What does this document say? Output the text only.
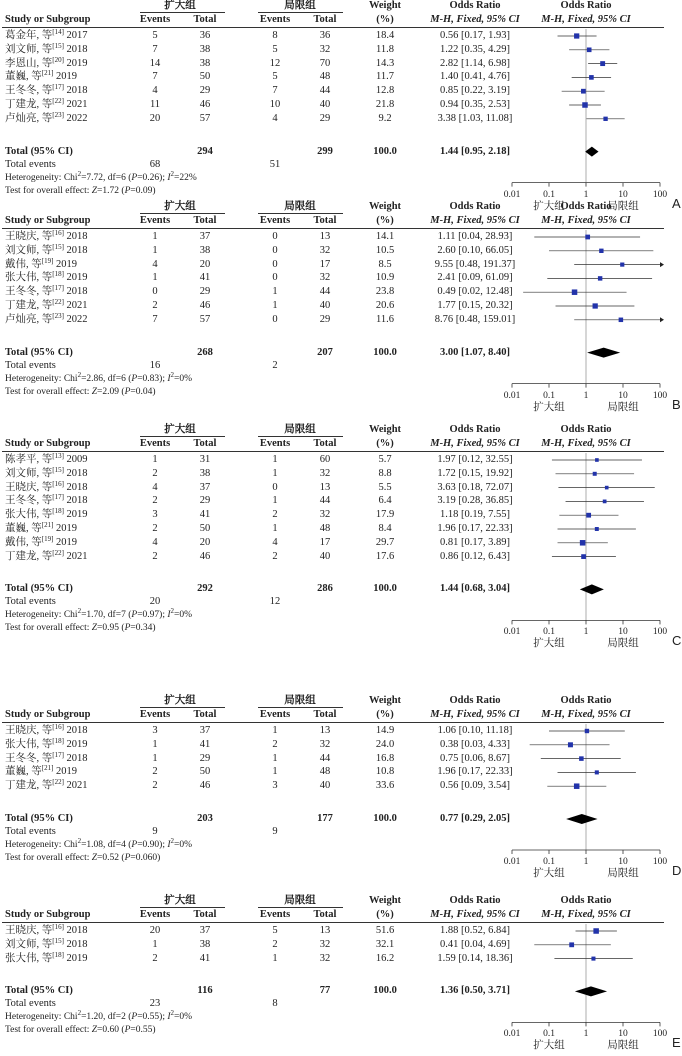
扩大组	局限组	Weight	Odds Ratio	Odds Ratio
Study or Subgroup	Events Total	Events Total	(%)	M-H, Fixed, 95% CI M-H, Fixed, 95% CI
葛金年, 等[14] 2017	5	36	8	36	18.4	0.56 [0.17, 1.93]
刘文师, 等[15] 2018	7	38	5	32	11.8	1.22 [0.35, 4.29]
李恩山, 等[20] 2019	14	38	12	70	14.3	2.82 [1.14, 6.98]
董巍, 等[21] 2019	7	50	5	48	11.7	1.40 [0.41, 4.76]
王冬冬, 等[17] 2018	4	29	7	44	12.8	0.85 [0.22, 3.19]
丁建龙, 等[22] 2021	11	46	10	40	21.8	0.94 [0.35, 2.53]
卢灿亮, 等[23] 2022	20	57	4	29	9.2	3.38 [1.03, 11.08]
Total (95% CI)	294	299	100.0	1.44 [0.95, 2.18]
Total events	68	51
Heterogeneity: Chi$^2$=7.72, df=6 (P=0.26); $I^2=22\%$
Test for overall effect: Z=1.72 (P=0.09)	0.01 0.1	1	10	100
扩大组	局限组	A
扩大组	局限组	Weight	Odds Ratio	Odds Ratio
Study or Subgroup	Events Total	Events Total	(%)	M-H, Fixed, 95% CI M-H, Fixed, 95% CI
王晓庆, 等[16] 2018	1	37	0	13	14.1	1.11 [0.04, 28.93]
刘文师, 等[15] 2018	1	38	0	32	10.5	2.60 [0.10, 66.05]
戴伟, 等[19] 2019	4	20	0	17	8.5	9.55 [0.48, 191.37]
张大伟, 等[18] 2019	1	41	0	32	10.9	2.41 [0.09, 61.09]
王冬冬, 等[17] 2018	0	29	1	44	23.8	0.49 [0.02, 12.48]
丁建龙, 等[22] 2021	2	46	1	40	20.6	1.77 [0.15, 20.32]
卢灿亮, 等[23] 2022	7	57	0	29	11.6	8.76 [0.48, 159.01]
Total (95% CI)	268	207	100.0	3.00 [1.07, 8.40]
Total events	16	2
Heterogeneity: Chi$^2$=2.86, df=6 (P=0.83); $I^2=0\%$
Test for overall effect: Z=2.09 (P=0.04)	0.01 0.1	1	10	100
扩大组	局限组	B
扩大组	局限组	Weight	Odds Ratio	Odds Ratio
Study or Subgroup	Events Total	Events Total	(%)	M-H, Fixed, 95% CI M-H, Fixed, 95% CI
陈孝平, 等[13] 2009	1	31	1	60	5.7	1.97 [0.12, 32.55]
刘文师, 等[15] 2018	2	38	1	32	8.8	1.72 [0.15, 19.92]
王晓庆, 等[16] 2018	4	37	0	13	5.5	3.63 [0.18, 72.07]
王冬冬, 等[17] 2018	2	29	1	44	6.4	3.19 [0.28, 36.85]
张大伟, 等[18] 2019	3	41	2	32	17.9	1.18 [0.19, 7.55]
董巍, 等[21] 2019	2	50	1	48	8.4	1.96 [0.17, 22.33]
戴伟, 等[19] 2019	4	20	4	17	29.7	0.81 [0.17, 3.89]
丁建龙, 等[22] 2021	2	46	2	40	17.6	0.86 [0.12, 6.43]
Total (95% CI)	292	286	100.0	1.44 [0.68, 3.04]
Total events	20	12
Heterogeneity: Chi$^2$=1.70, df=7 (P=0.97); $I^2=0\%$
Test for overall effect: Z=0.95 (P=0.34)	0.01 0.1	1	10	100
扩大组	局限组	C
扩大组	局限组	Weight	Odds Ratio	Odds Ratio
Study or Subgroup	Events Total	Events Total	(%)	M-H, Fixed, 95% CI M-H, Fixed, 95% CI
王晓庆, 等[16] 2018	3	37	1	13	14.9	1.06 [0.10, 11.18]
张大伟, 等[18] 2019	1	41	2	32	24.0	0.38 [0.03, 4.33]
王冬冬, 等[17] 2018	1	29	1	44	16.8	0.75 [0.06, 8.67]
董巍, 等[21] 2019	2	50	1	48	10.8	1.96 [0.17, 22.33]
丁建龙, 等[22] 2021	2	46	3	40	33.6	0.56 [0.09, 3.54]
Total (95% CI)	203	177	100.0	0.77 [0.29, 2.05]
Total events	9	9
Heterogeneity: Chi$^2$=1.08, df=4 (P=0.90); $I^2=0\%$
Test for overall effect: Z=0.52 (P=0.060)	0.01 0.1	1	10	100
扩大组	局限组	D
扩大组	局限组	Weight	Odds Ratio	Odds Ratio
Study or Subgroup	Events Total	Events Total	(%)	M-H, Fixed, 95% CI M-H, Fixed, 95% CI
王晓庆, 等[16] 2018	20	37	5	13	51.6	1.88 [0.52, 6.84]
刘文师, 等[15] 2018	1	38	2	32	32.1	0.41 [0.04, 4.69]
张大伟, 等[18] 2019	2	41	1	32	16.2	1.59 [0.14, 18.36]
Total (95% CI)	116	77	100.0	1.36 [0.50, 3.71]
Total events	23	8
Heterogeneity: Chi$^2$=1.20, df=2 (P=0.55); $I^2=0\%$
Test for overall effect: Z=0.60 (P=0.55)	0.01 0.1	1	10	100
扩大组	局限组	E
